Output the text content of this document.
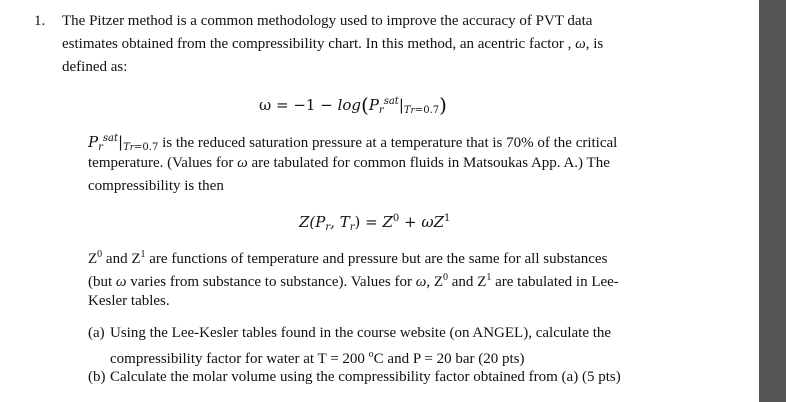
1. The Pitzer method is a common methodology used to improve the accuracy of PVT data
estimates obtained from the compressibility chart. In this method, an acentric factor , ω, is
defined as:
$\omega = -1 - \log(P_r^{sat}|_{Tr=0.7})$
$P_r^{sat}|_{Tr=0.7}$ is the reduced saturation pressure at a temperature that is 70% of the critical
temperature. (Values for ω are tabulated for common fluids in Matsoukas App. A.) The
compressibility is then
$Z(P_r$, $T_r) = Z^0 + \omega Z^1$
$Z^0$ and $Z^1$ are functions of temperature and pressure but are the same for all substances
(but ω varies from substance to substance). Values for ω, $Z^0$ and $Z^1$ are tabulated in Lee-
Kesler tables.
(a) Using the Lee-Kesler tables found in the course website (on ANGEL), calculate the
compressibility factor for water at T = 200 $^o$C and P = 20 bar (20 pts)
(b) Calculate the molar volume using the compressibility factor obtained from (a) (5 pts)
